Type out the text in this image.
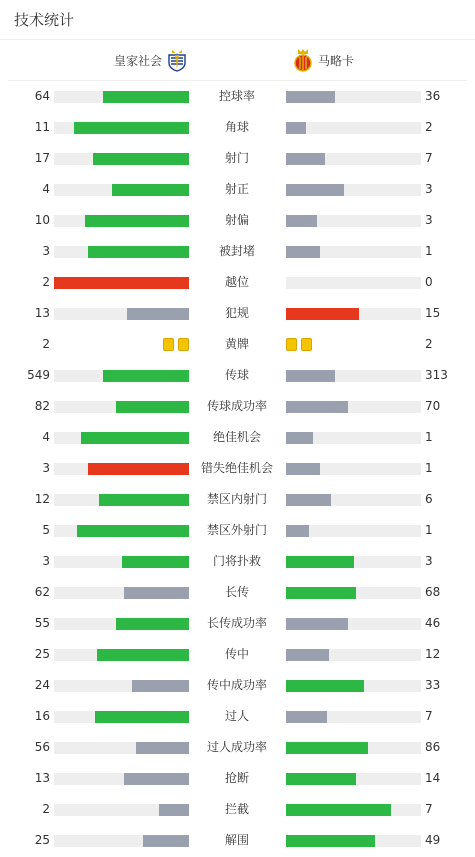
技术统计
皇家社会	马略卡
64	控球率	36
11	角球	2
17	射门	7
4	射正	3
10	射偏	3
3	被封堵	1
2	越位	0
13	犯规	15
2	黄牌	2
549	传球	313
82	传球成功率	70
4	绝佳机会	1
3	错失绝佳机会	1
12	禁区内射门	6
5	禁区外射门	1
3	门将扑救	3
62	长传	68
55	长传成功率	46
25	传中	12
24	传中成功率	33
16	过人	7
56	过人成功率	86
13	抢断	14
2	拦截	7
25	解围	49
